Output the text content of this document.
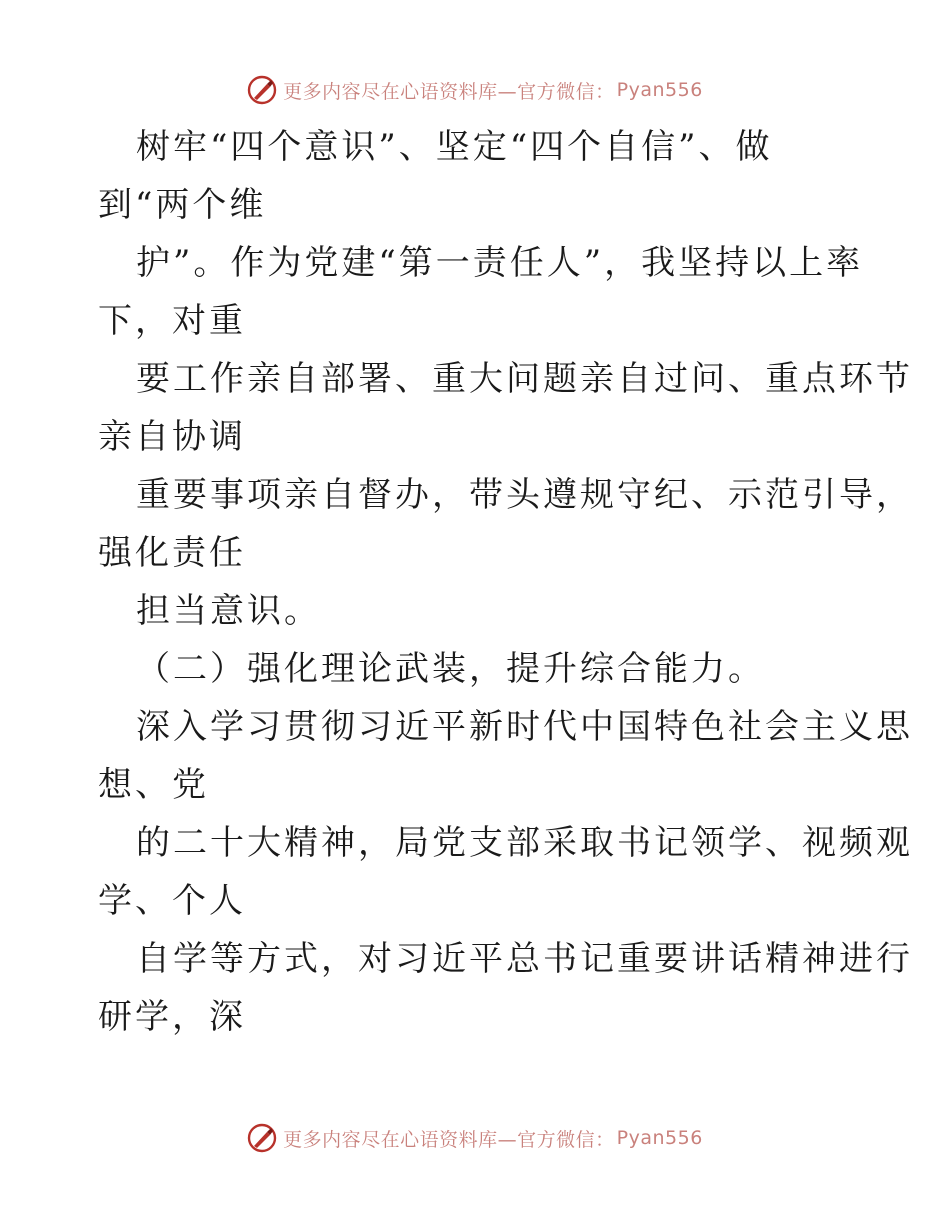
更多内容尽在心语资料库—官方微信： Pyan556
树牢“四个意识”、坚定“四个自信”、做
到“两个维
护”。作为党建“第一责任人”，我坚持以上率
下，对重
要工作亲自部署、重大问题亲自过问、重点环节
亲自协调
重要事项亲自督办，带头遵规守纪、示范引导，
强化责任
担当意识。
（二）强化理论武装，提升综合能力。
深入学习贯彻习近平新时代中国特色社会主义思
想、党
的二十大精神，局党支部采取书记领学、视频观
学、个人
自学等方式，对习近平总书记重要讲话精神进行
研学，深
更多内容尽在心语资料库—官方微信： Pyan556
